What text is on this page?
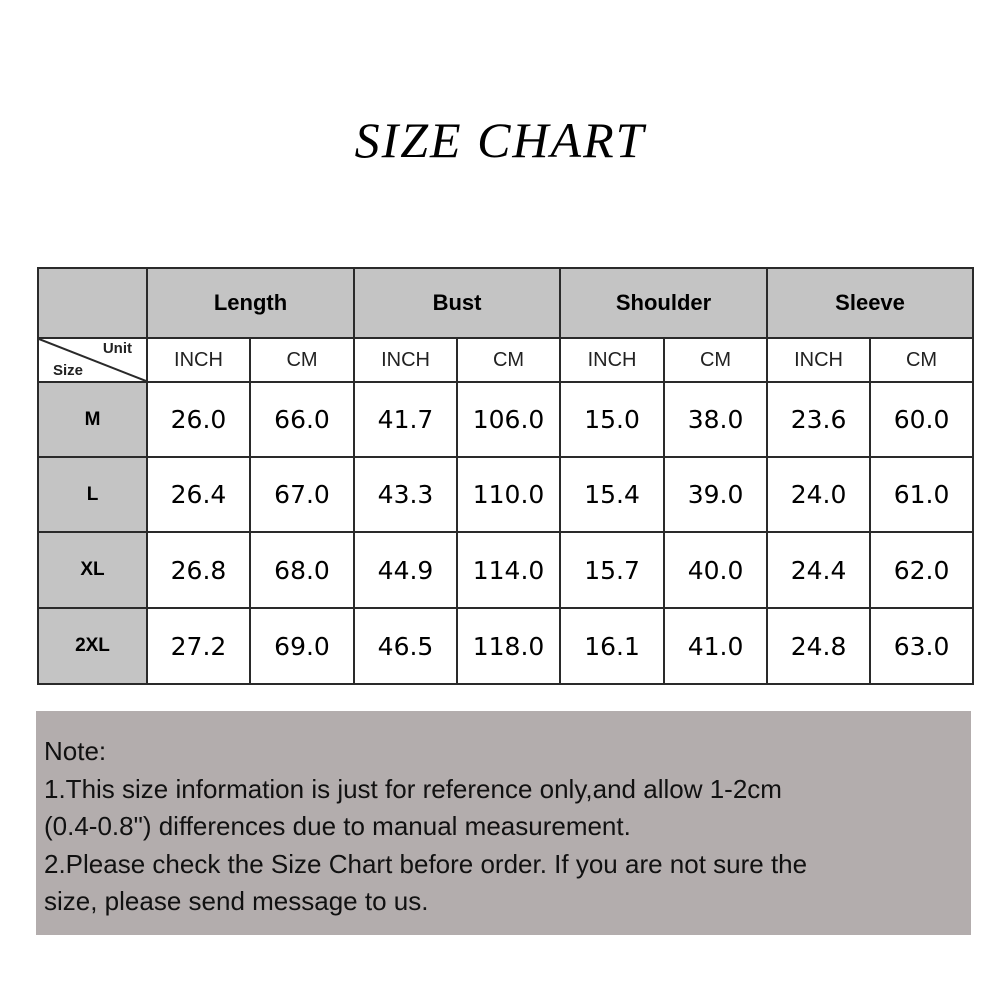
SIZE CHART
	Length		Bust		Shoulder		Sleeve	

Unit
Size	INCH	CM	INCH	CM	INCH	CM	INCH	CM
M	26.0	66.0	41.7	106.0	15.0	38.0	23.6	60.0
L	26.4	67.0	43.3	110.0	15.4	39.0	24.0	61.0
XL	26.8	68.0	44.9	114.0	15.7	40.0	24.4	62.0
2XL	27.2	69.0	46.5	118.0	16.1	41.0	24.8	63.0
Note:
1.This size information is just for reference only,and allow 1-2cm
(0.4-0.8") differences due to manual measurement.
2.Please check the Size Chart before order. If you are not sure the
size, please send message to us.
